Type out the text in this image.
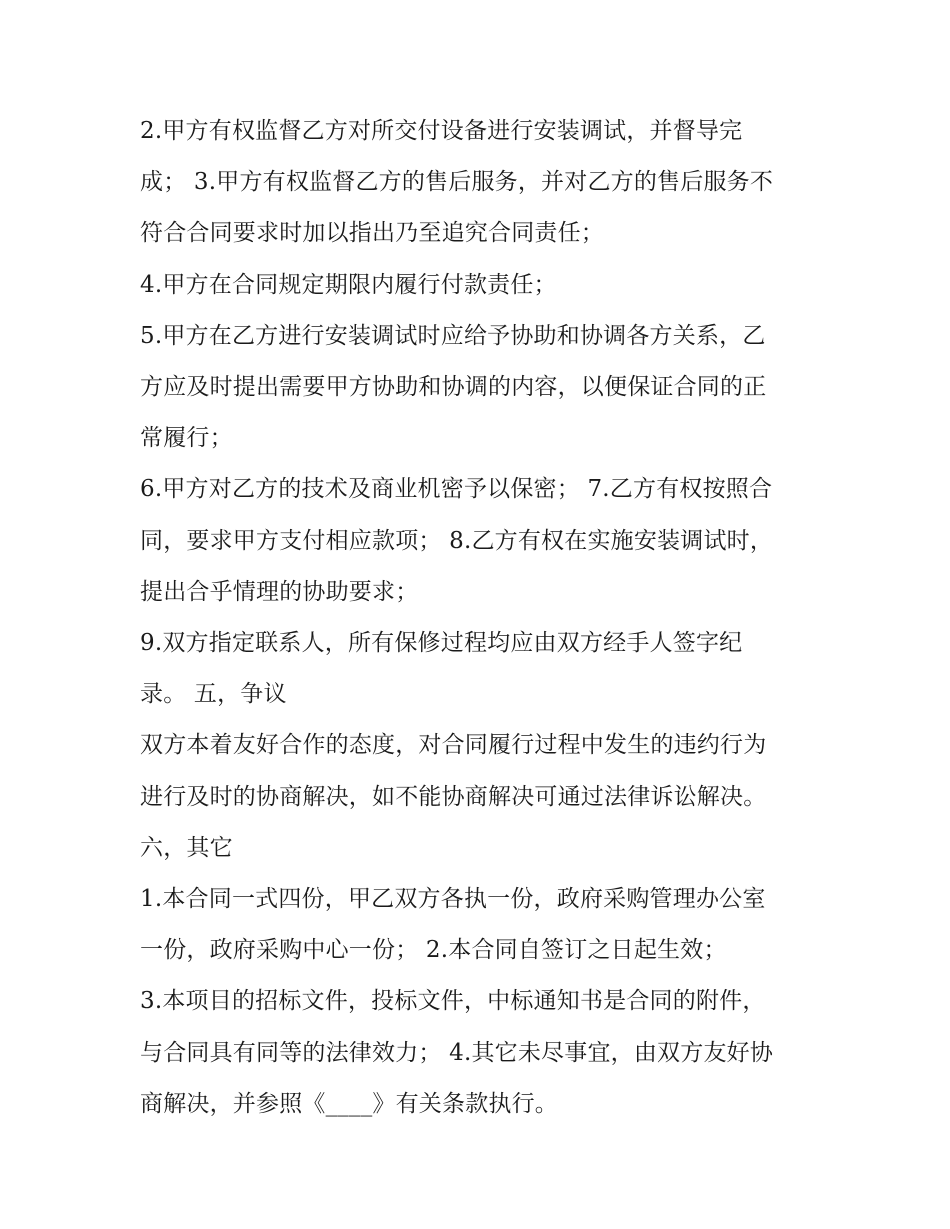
2.甲方有权监督乙方对所交付设备进行安装调试，并督导完

成； 3.甲方有权监督乙方的售后服务，并对乙方的售后服务不

符合合同要求时加以指出乃至追究合同责任；

4.甲方在合同规定期限内履行付款责任；

5.甲方在乙方进行安装调试时应给予协助和协调各方关系，乙

方应及时提出需要甲方协助和协调的内容，以便保证合同的正

常履行；

6.甲方对乙方的技术及商业机密予以保密； 7.乙方有权按照合

同，要求甲方支付相应款项； 8.乙方有权在实施安装调试时，

提出合乎情理的协助要求；

9.双方指定联系人，所有保修过程均应由双方经手人签字纪

录。 五，争议

双方本着友好合作的态度，对合同履行过程中发生的违约行为

进行及时的协商解决，如不能协商解决可通过法律诉讼解决。

六，其它

1.本合同一式四份，甲乙双方各执一份，政府采购管理办公室

一份，政府采购中心一份； 2.本合同自签订之日起生效；

3.本项目的招标文件，投标文件，中标通知书是合同的附件，

与合同具有同等的法律效力； 4.其它未尽事宜，由双方友好协

商解决，并参照《____》有关条款执行。
